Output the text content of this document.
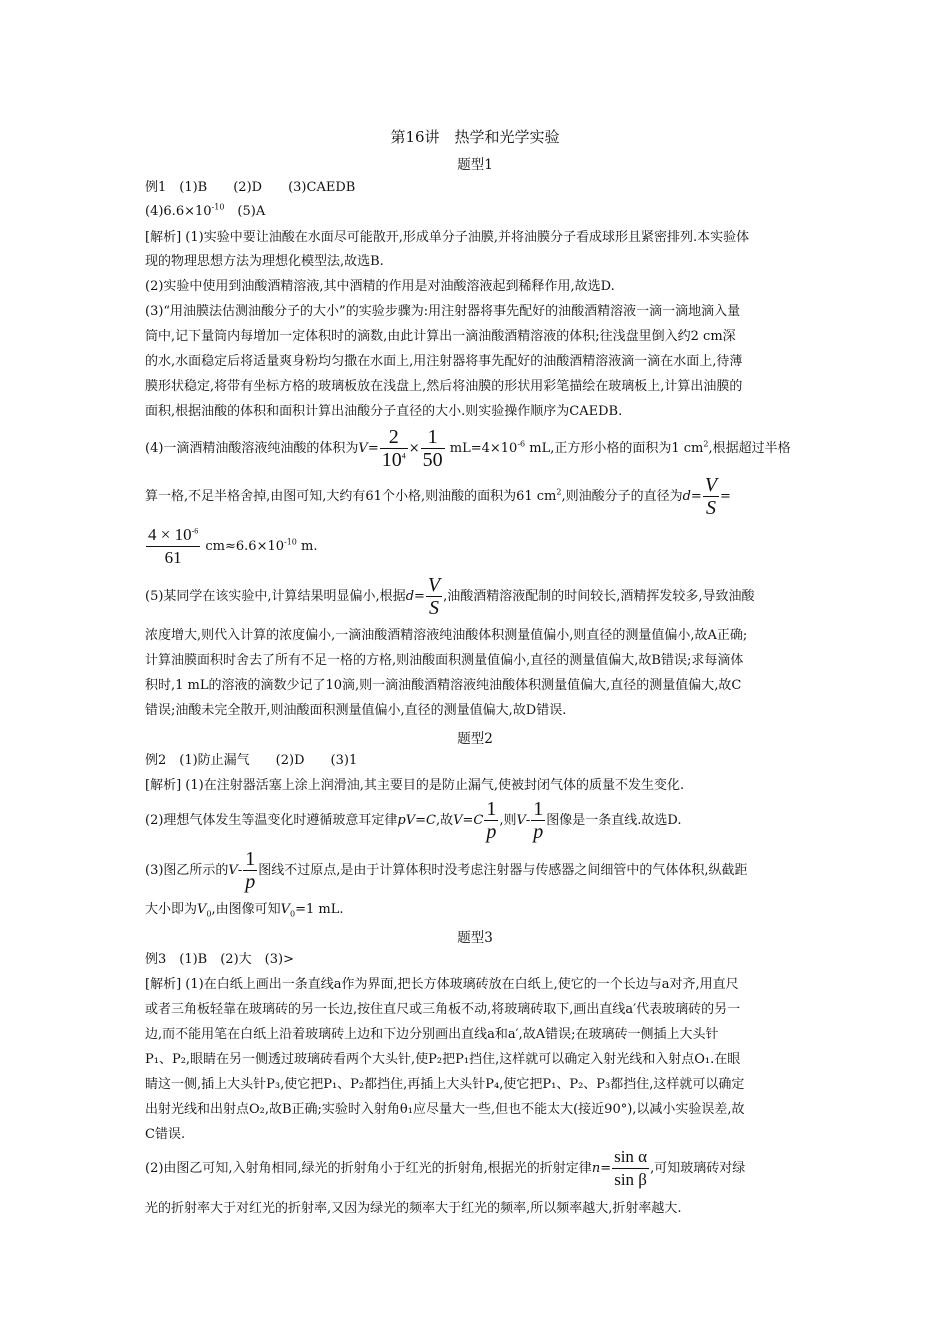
第16讲　热学和光学实验
题型1
例1　(1)B　　(2)D　　(3)CAEDB
$(4)6.6\times 10^{-10}$　(5)A
[解析] (1)实验中要让油酸在水面尽可能散开,形成单分子油膜,并将油膜分子看成球形且紧密排列.本实验体
现的物理思想方法为理想化模型法,故选B.
(2)实验中使用到油酸酒精溶液,其中酒精的作用是对油酸溶液起到稀释作用,故选D.
(3)“用油膜法估测油酸分子的大小”的实验步骤为:用注射器将事先配好的油酸酒精溶液一滴一滴地滴入量
筒中,记下量筒内每增加一定体积时的滴数,由此计算出一滴油酸酒精溶液的体积;往浅盘里倒入约2 cm深
的水,水面稳定后将适量爽身粉均匀撒在水面上,用注射器将事先配好的油酸酒精溶液滴一滴在水面上,待薄
膜形状稳定,将带有坐标方格的玻璃板放在浅盘上,然后将油膜的形状用彩笔描绘在玻璃板上,计算出油膜的
面积,根据油酸的体积和面积计算出油酸分子直径的大小.则实验操作顺序为CAEDB.
(4)一滴酒精油酸溶液纯油酸的体积为$V= \frac{2}{10^4} \times \frac{1}{50} mL=4\times 10^{-6}$ mL,正方形小格的面积为1 $cm^2$,根据超过半格
算一格,不足半格舍掉,由图可知,大约有61个小格,则油酸的面积为61 $cm^2$,则油酸分子的直径为$d= \frac{V}{S}$ =
$\frac{4 \times 10^{-6}}{61} cm\approx 6.6\times 10^{-10}$ m.
(5)某同学在该实验中,计算结果明显偏小,根据$d= \frac{V}{S}$ ,油酸酒精溶液配制的时间较长,酒精挥发较多,导致油酸
浓度增大,则代入计算的浓度偏小,一滴油酸酒精溶液纯油酸体积测量值偏小,则直径的测量值偏小,故A正确;
计算油膜面积时舍去了所有不足一格的方格,则油酸面积测量值偏小,直径的测量值偏大,故B错误;求每滴体
积时,1 mL的溶液的滴数少记了10滴,则一滴油酸酒精溶液纯油酸体积测量值偏大,直径的测量值偏大,故C
错误;油酸未完全散开,则油酸面积测量值偏小,直径的测量值偏大,故D错误.
题型2
例2　(1)防止漏气　　(2)D　　(3)1
[解析] (1)在注射器活塞上涂上润滑油,其主要目的是防止漏气,使被封闭气体的质量不发生变化.
(2)理想气体发生等温变化时遵循玻意耳定律pV=C,故$V=C \frac{1}{p}$ ,则$V- \frac{1}{p}$ 图像是一条直线.故选D.
(3)图乙所示的$V- \frac{1}{p}$ 图线不过原点,是由于计算体积时没考虑注射器与传感器之间细管中的气体体积,纵截距
大小即为$V_0$,由图像可知$V_0=1$ mL.
题型3
例3　(1)B　(2)大　(3)>
[解析] (1)在白纸上画出一条直线a作为界面,把长方体玻璃砖放在白纸上,使它的一个长边与a对齐,用直尺
或者三角板轻靠在玻璃砖的另一长边,按住直尺或三角板不动,将玻璃砖取下,画出直线a′代表玻璃砖的另一
边,而不能用笔在白纸上沿着玻璃砖上边和下边分别画出直线a和a′,故A错误;在玻璃砖一侧插上大头针
P₁、P₂,眼睛在另一侧透过玻璃砖看两个大头针,使P₂把P₁挡住,这样就可以确定入射光线和入射点O₁.在眼
睛这一侧,插上大头针P₃,使它把P₁、P₂都挡住,再插上大头针P₄,使它把P₁、P₂、P₃都挡住,这样就可以确定
出射光线和出射点O₂,故B正确;实验时入射角θ₁应尽量大一些,但也不能太大(接近90°),以减小实验误差,故
C错误.
(2)由图乙可知,入射角相同,绿光的折射角小于红光的折射角,根据光的折射定律$n= \frac{\text{sin α}}{\text{sin β}}$ ,可知玻璃砖对绿
光的折射率大于对红光的折射率,又因为绿光的频率大于红光的频率,所以频率越大,折射率越大.
